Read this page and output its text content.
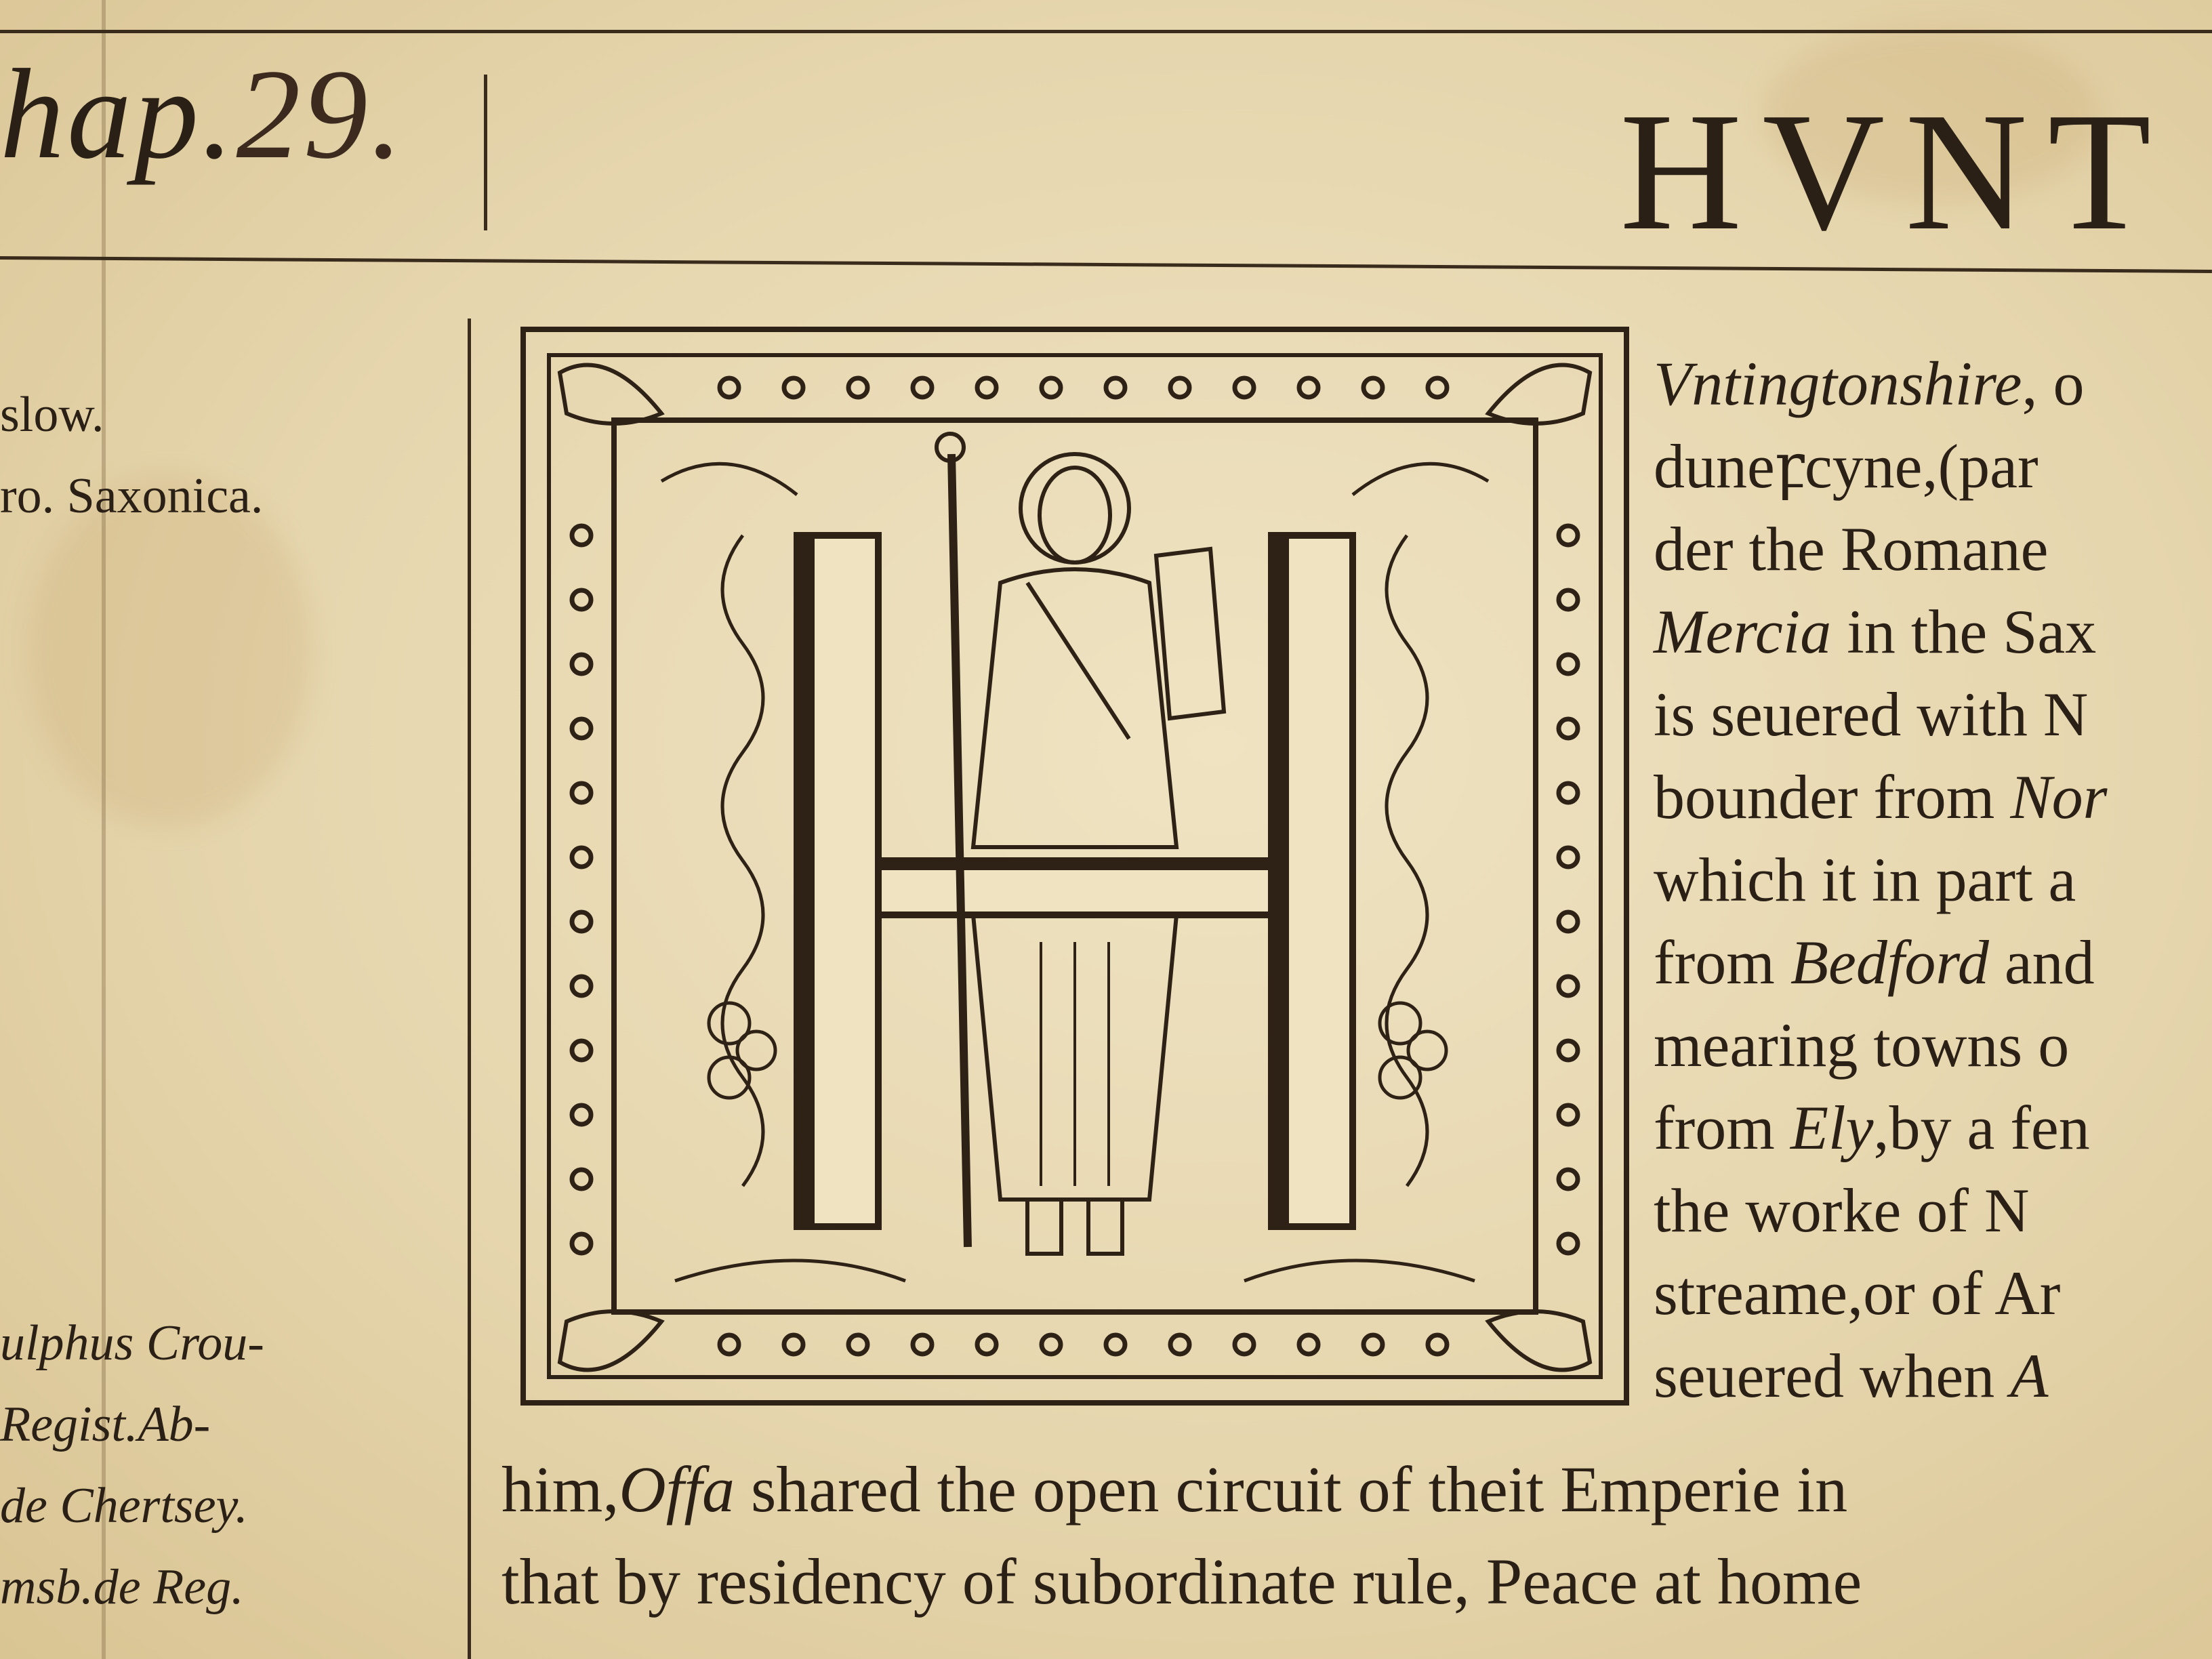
hap.29.	HVNT
slow.
ro. Saxonica.
ulphus Crou-
Regist.Ab-
de Chertsey.
msb.de Reg.
Vntingtonshire, o
duneꝼcyne,(par
der the Romane
Mercia in the Sax
is seuered with N
bounder from Nor
which it in part a
from Bedford and
mearing towns o
from Ely,by a fen
the worke of N
streame,or of Ar
seuered when A
him,Offa shared the open circuit of theit Emperie in
that by residency of subordinate rule, Peace at home
